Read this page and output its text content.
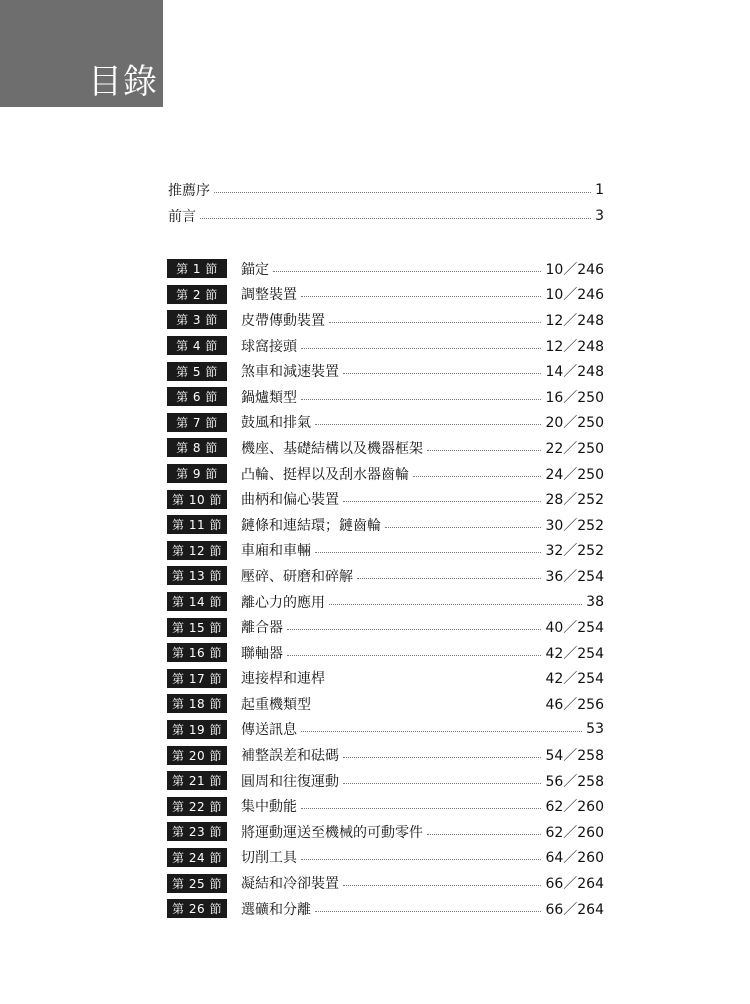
目錄
推薦序	1
前言	3
第 1 節	錨定	10／246
第 2 節	調整裝置	10／246
第 3 節	皮帶傳動裝置	12／248
第 4 節	球窩接頭	12／248
第 5 節	煞車和減速裝置	14／248
第 6 節	鍋爐類型	16／250
第 7 節	鼓風和排氣	20／250
第 8 節	機座、基礎結構以及機器框架	22／250
第 9 節	凸輪、挺桿以及刮水器齒輪	24／250
第 10 節	曲柄和偏心裝置	28／252
第 11 節	鏈條和連結環；鏈齒輪	30／252
第 12 節	車廂和車輛	32／252
第 13 節	壓碎、研磨和碎解	36／254
第 14 節	離心力的應用	38
第 15 節	離合器	40／254
第 16 節	聯軸器	42／254
第 17 節	連接桿和連桿	42／254
第 18 節	起重機類型	46／256
第 19 節	傳送訊息	53
第 20 節	補整誤差和砝碼	54／258
第 21 節	圓周和往復運動	56／258
第 22 節	集中動能	62／260
第 23 節	將運動運送至機械的可動零件	62／260
第 24 節	切削工具	64／260
第 25 節	凝結和冷卻裝置	66／264
第 26 節	選礦和分離	66／264
